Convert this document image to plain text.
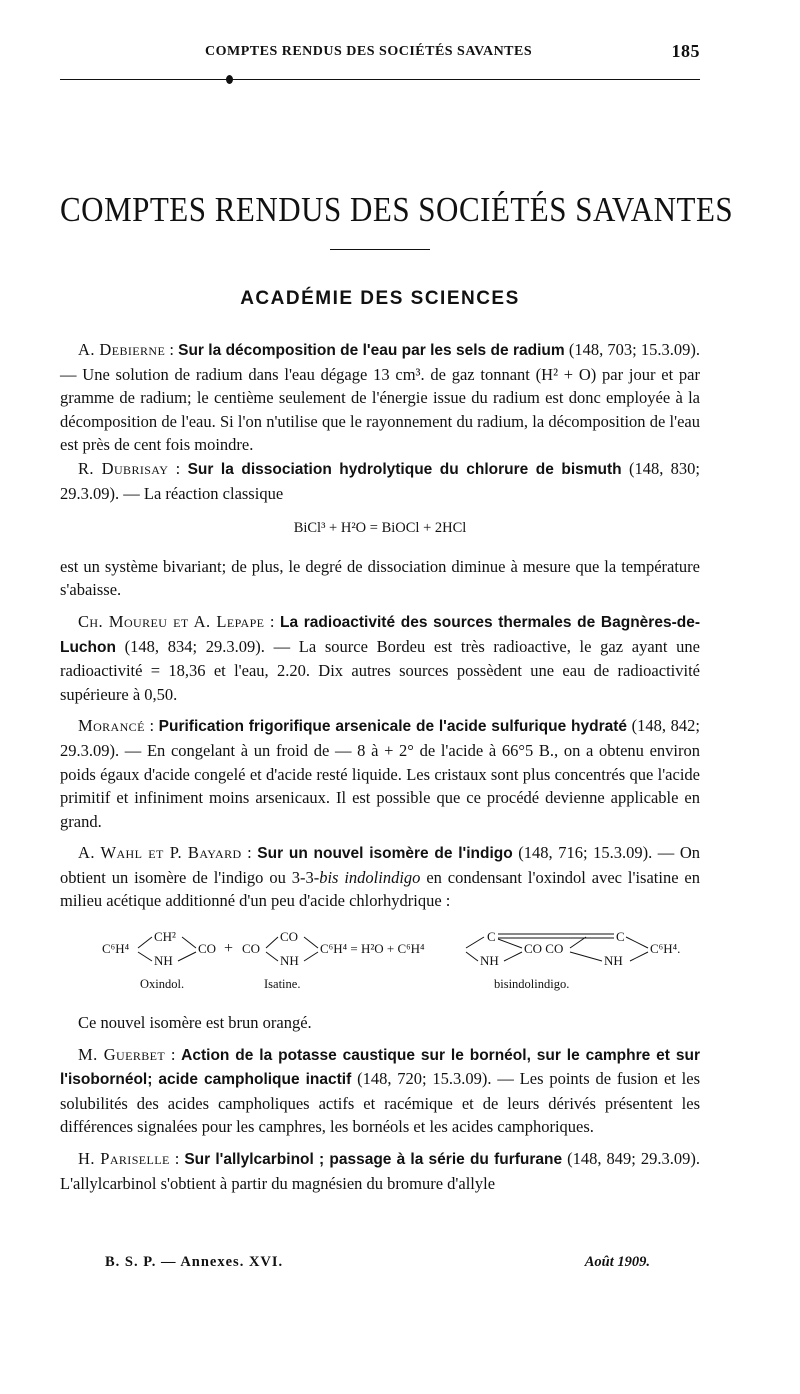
COMPTES RENDUS DES SOCIÉTÉS SAVANTES	185
COMPTES RENDUS DES SOCIÉTÉS SAVANTES
ACADÉMIE DES SCIENCES

A. Debierne : Sur la décomposition de l'eau par les sels de radium (148, 703; 15.3.09). — Une solution de radium dans l'eau dégage 13 cm³. de gaz tonnant (H² + O) par jour et par gramme de radium; le centième seulement de l'énergie issue du radium est donc employée à la décomposition de l'eau. Si l'on n'utilise que le rayonnement du radium, la décomposition de l'eau est près de cent fois moindre.

R. Dubrisay : Sur la dissociation hydrolytique du chlorure de bismuth (148, 830; 29.3.09). — La réaction classique

BiCl³ + H²O = BiOCl + 2HCl

est un système bivariant; de plus, le degré de dissociation diminue à mesure que la température s'abaisse.

Ch. Moureu et A. Lepape : La radioactivité des sources thermales de Bagnères-de-Luchon (148, 834; 29.3.09). — La source Bordeu est très radioactive, le gaz ayant une radioactivité = 18,36 et l'eau, 2.20. Dix autres sources possèdent une eau de radioactivité supérieure à 0,50.

Morancé : Purification frigorifique arsenicale de l'acide sulfurique hydraté (148, 842; 29.3.09). — En congelant à un froid de — 8 à + 2° de l'acide à 66°5 B., on a obtenu environ poids égaux d'acide congelé et d'acide resté liquide. Les cristaux sont plus concentrés que l'acide primitif et infiniment moins arsenicaux. Il est possible que ce procédé devienne applicable en grand.

A. Wahl et P. Bayard : Sur un nouvel isomère de l'indigo (148, 716; 15.3.09). — On obtient un isomère de l'indigo ou 3-3-bis indolindigo en condensant l'oxindol avec l'isatine en milieu acétique additionné d'un peu d'acide chlorhydrique :

C⁶H⁴
CH²
NH
CO + CO
CO
NH
C⁶H⁴ = H²O + C⁶H⁴
C	C
NH
CO CO
NH
C⁶H⁴.
Oxindol.	Isatine.	bisindolindigo.

Ce nouvel isomère est brun orangé.

M. Guerbet : Action de la potasse caustique sur le bornéol, sur le camphre et sur l'isobornéol; acide campholique inactif (148, 720; 15.3.09). — Les points de fusion et les solubilités des acides campholiques actifs et racémique et de leurs dérivés présentent les différences signalées pour les camphres, les bornéols et les acides camphoriques.

H. Pariselle : Sur l'allylcarbinol ; passage à la série du furfurane (148, 849; 29.3.09). L'allylcarbinol s'obtient à partir du magnésien du bromure d'allyle

B. S. P. — Annexes. XVI.	Août 1909.
